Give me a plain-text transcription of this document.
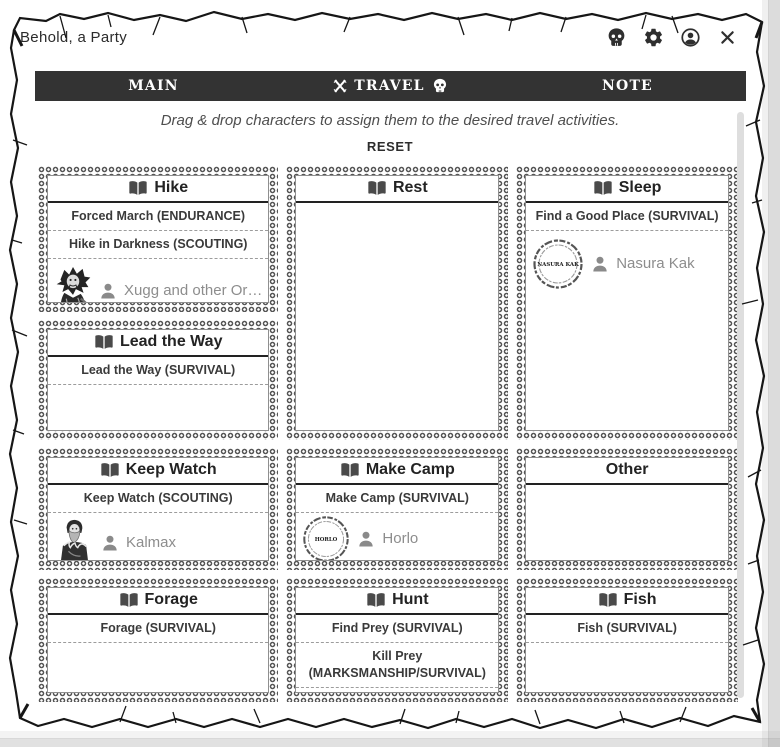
Behold, a Party
MAIN	TRAVEL	NOTE
Drag & drop characters to assign them to the desired travel activities.
RESET
Hike
Forced March (ENDURANCE)
Hike in Darkness (SCOUTING)
Xugg and other Or…
Lead the Way
Lead the Way (SURVIVAL)
Rest	Sleep
Find a Good Place (SURVIVAL)
NASURA KAK Nasura Kak
Keep Watch
Keep Watch (SCOUTING)
Kalmax
Make Camp
Make Camp (SURVIVAL)
HORLO	Horlo
Other
Forage
Forage (SURVIVAL)
Hunt
Find Prey (SURVIVAL)
Kill Prey (MARKSMANSHIP/SURVIVAL)
Fish
Fish (SURVIVAL)
